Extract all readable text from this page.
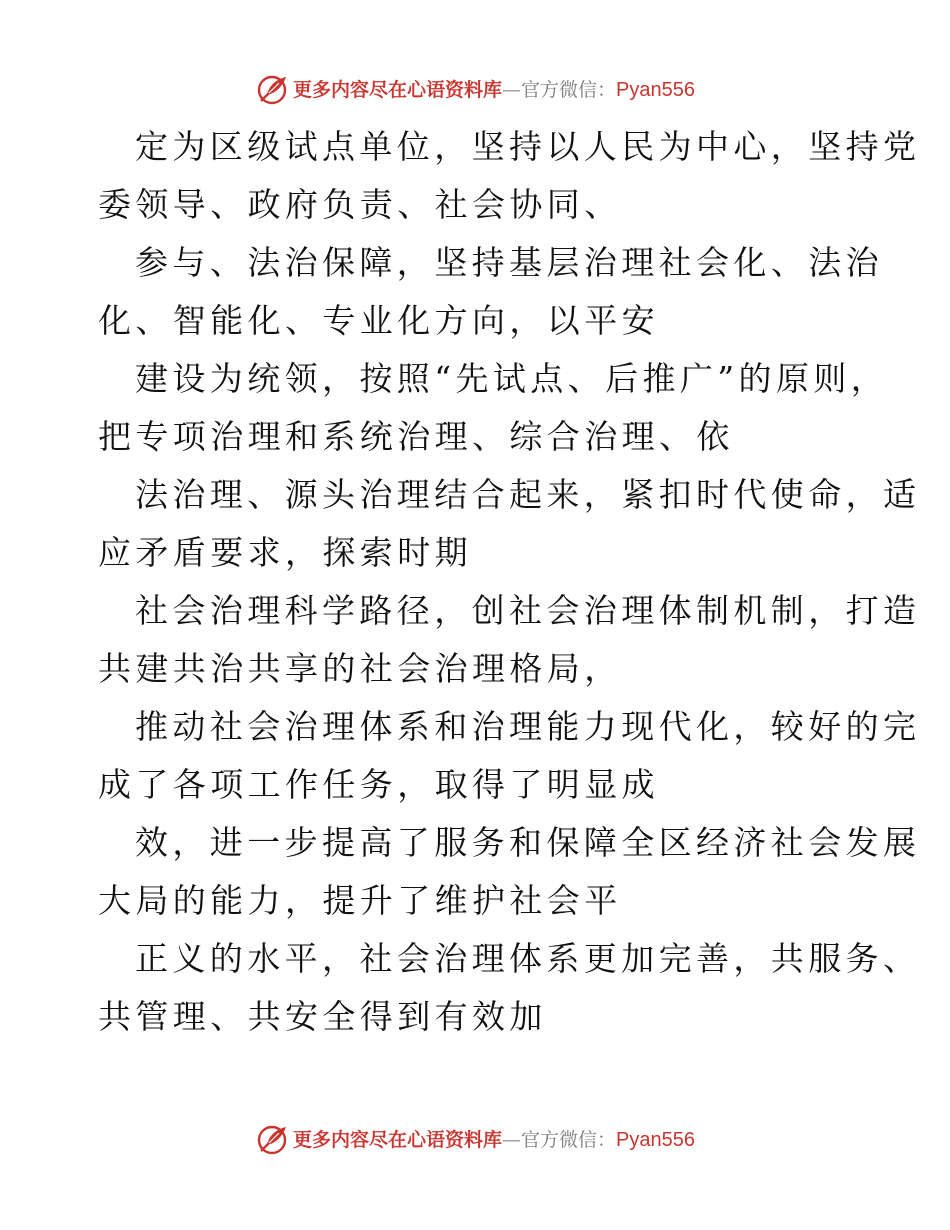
更多内容尽在心语资料库 — 官方微信： Pyan556
定为区级试点单位，坚持以人民为中心，坚持党
委领导、政府负责、社会协同、
参与、法治保障，坚持基层治理社会化、法治
化、智能化、专业化方向，以平安
建设为统领，按照“先试点、后推广”的原则，
把专项治理和系统治理、综合治理、依
法治理、源头治理结合起来，紧扣时代使命，适
应矛盾要求，探索时期
社会治理科学路径，创社会治理体制机制，打造
共建共治共享的社会治理格局，
推动社会治理体系和治理能力现代化，较好的完
成了各项工作任务，取得了明显成
效，进一步提高了服务和保障全区经济社会发展
大局的能力，提升了维护社会平
正义的水平，社会治理体系更加完善，共服务、
共管理、共安全得到有效加
更多内容尽在心语资料库 — 官方微信： Pyan556
